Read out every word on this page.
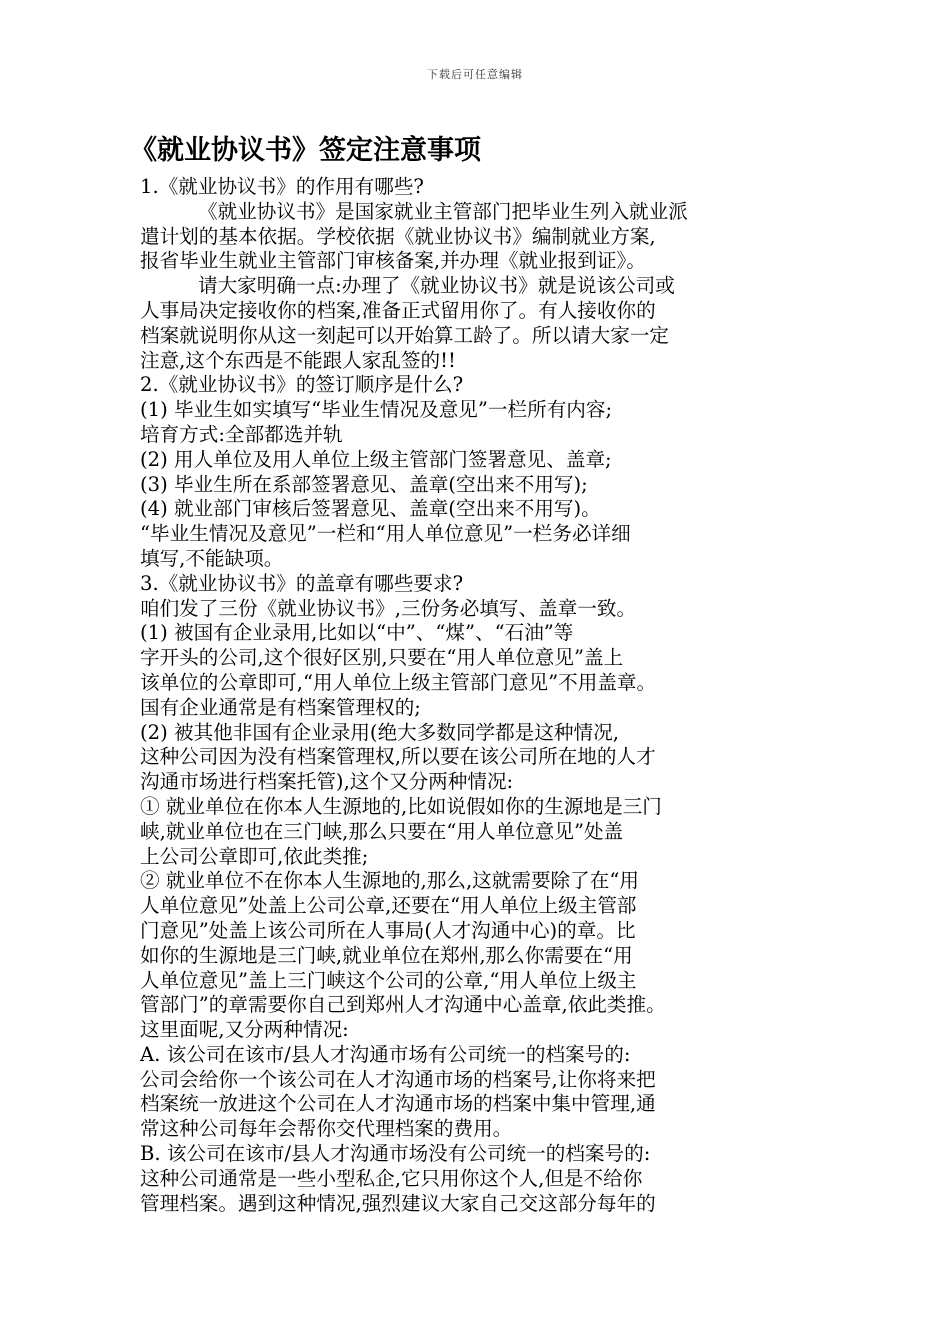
下载后可任意编辑
《就业协议书》签定注意事项
1.《就业协议书》的作用有哪些?
《就业协议书》是国家就业主管部门把毕业生列入就业派
遣计划的基本依据。学校依据《就业协议书》编制就业方案,
报省毕业生就业主管部门审核备案,并办理《就业报到证》。
请大家明确一点:办理了《就业协议书》就是说该公司或
人事局决定接收你的档案,准备正式留用你了。有人接收你的
档案就说明你从这一刻起可以开始算工龄了。所以请大家一定
注意,这个东西是不能跟人家乱签的!!
2.《就业协议书》的签订顺序是什么?
(1) 毕业生如实填写“毕业生情况及意见”一栏所有内容;
培育方式:全部都选并轨
(2) 用人单位及用人单位上级主管部门签署意见、盖章;
(3) 毕业生所在系部签署意见、盖章(空出来不用写);
(4) 就业部门审核后签署意见、盖章(空出来不用写)。
“毕业生情况及意见”一栏和“用人单位意见”一栏务必详细
填写,不能缺项。
3.《就业协议书》的盖章有哪些要求?
咱们发了三份《就业协议书》,三份务必填写、盖章一致。
(1) 被国有企业录用,比如以“中”、“煤”、“石油”等
字开头的公司,这个很好区别,只要在“用人单位意见”盖上
该单位的公章即可,“用人单位上级主管部门意见”不用盖章。
国有企业通常是有档案管理权的;
(2) 被其他非国有企业录用(绝大多数同学都是这种情况,
这种公司因为没有档案管理权,所以要在该公司所在地的人才
沟通市场进行档案托管),这个又分两种情况:
① 就业单位在你本人生源地的,比如说假如你的生源地是三门
峡,就业单位也在三门峡,那么只要在“用人单位意见”处盖
上公司公章即可,依此类推;
② 就业单位不在你本人生源地的,那么,这就需要除了在“用
人单位意见”处盖上公司公章,还要在“用人单位上级主管部
门意见”处盖上该公司所在人事局(人才沟通中心)的章。比
如你的生源地是三门峡,就业单位在郑州,那么你需要在“用
人单位意见”盖上三门峡这个公司的公章,“用人单位上级主
管部门”的章需要你自己到郑州人才沟通中心盖章,依此类推。
这里面呢,又分两种情况:
A. 该公司在该市/县人才沟通市场有公司统一的档案号的:
公司会给你一个该公司在人才沟通市场的档案号,让你将来把
档案统一放进这个公司在人才沟通市场的档案中集中管理,通
常这种公司每年会帮你交代理档案的费用。
B. 该公司在该市/县人才沟通市场没有公司统一的档案号的:
这种公司通常是一些小型私企,它只用你这个人,但是不给你
管理档案。遇到这种情况,强烈建议大家自己交这部分每年的
